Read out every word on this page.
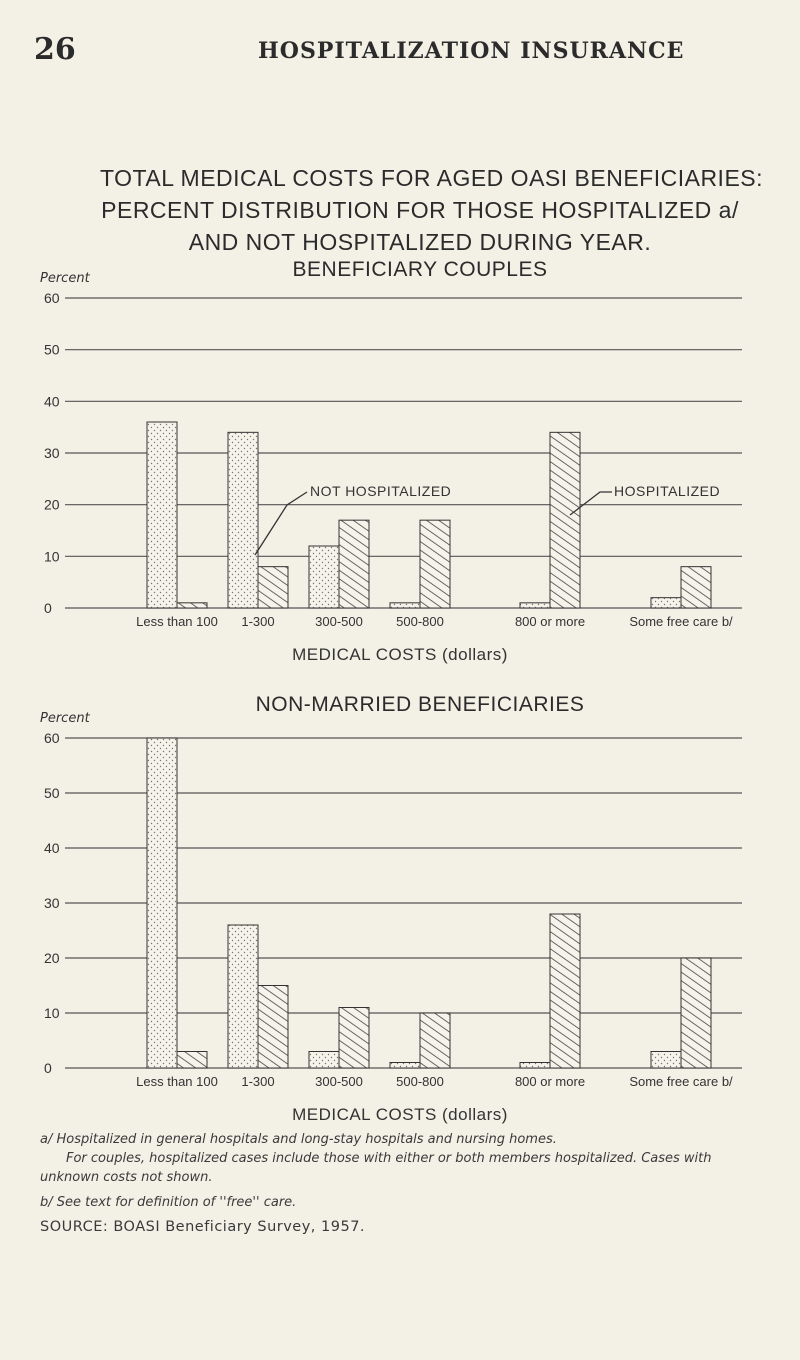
26	HOSPITALIZATION INSURANCE
TOTAL MEDICAL COSTS FOR AGED OASI BENEFICIARIES:
PERCENT DISTRIBUTION FOR THOSE HOSPITALIZED a/
AND NOT HOSPITALIZED DURING YEAR.
BENEFICIARY COUPLES
Percent
0
10
20
30
40
50
60
Less than 100 1-300	300-500	500-800	800 or more	Some free care b/
NOT HOSPITALIZED	HOSPITALIZED
MEDICAL COSTS (dollars)
NON-MARRIED BENEFICIARIES
Percent
0
10
20
30
40
50
60
Less than 100 1-300	300-500	500-800	800 or more	Some free care b/
MEDICAL COSTS (dollars)
a/ Hospitalized in general hospitals and long-stay hospitals and nursing homes.
For couples, hospitalized cases include those with either or both members hospitalized. Cases with
unknown costs not shown.
b/ See text for definition of ''free'' care.
SOURCE: BOASI Beneficiary Survey, 1957.
